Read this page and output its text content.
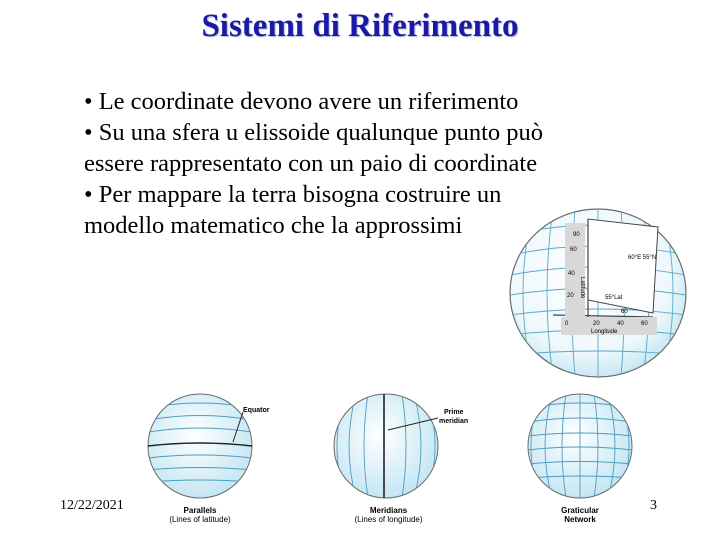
Sistemi di Riferimento

• Le coordinate devono avere un riferimento

• Su una sfera u elissoide qualunque punto può essere rappresentato con un paio di coordinate

• Per mappare la terra bisogna costruire un modello matematico che la approssimi	90
60
40
20 Latitude
0	20	40	60
Longitude
60°E 55°N
55°Lat
60
Equator
Parallels
(Lines of latitude)
Prime
meridian
Meridians
(Lines of longitude)
Graticular
Network
12/22/2021	3
